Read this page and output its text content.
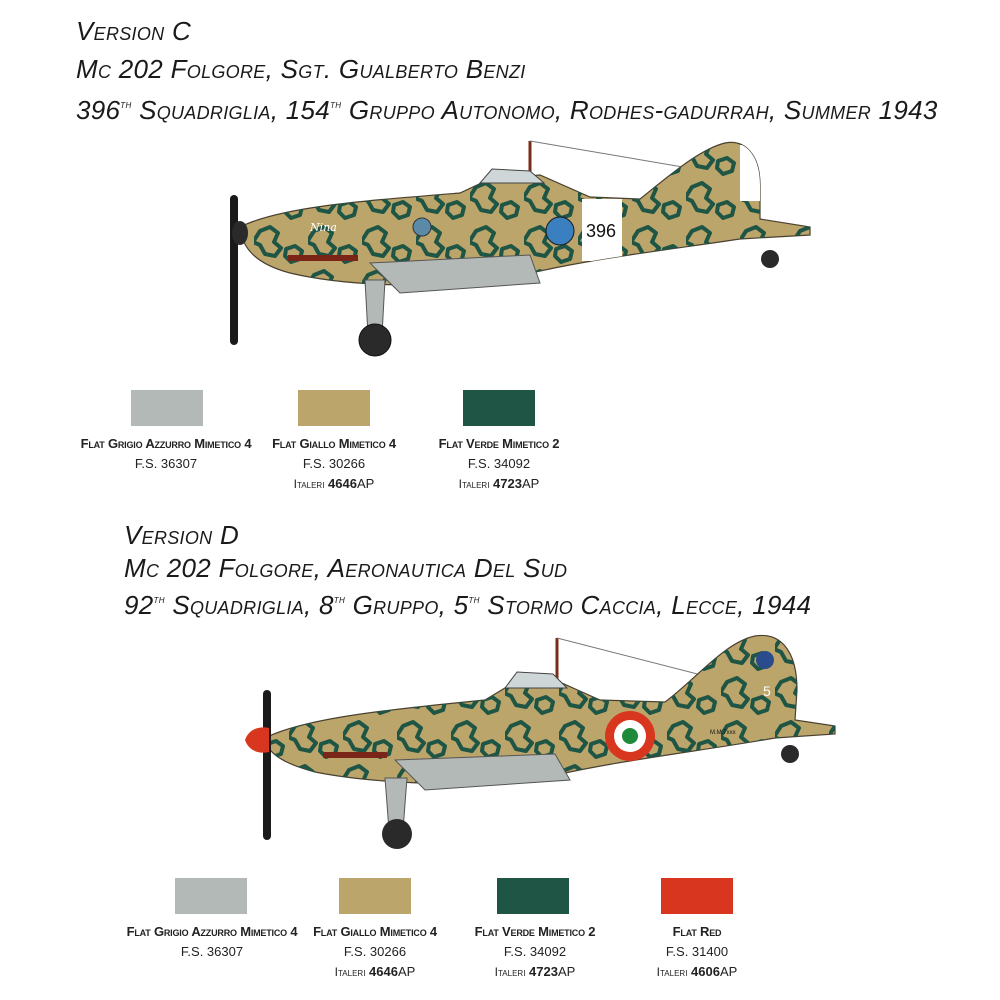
Version C
Mc 202 Folgore, Sgt. Gualberto Benzi
396th Squadriglia, 154th Gruppo Autonomo, Rodhes-gadurrah, Summer 1943
Nina	396
Flat Grigio Azzurro Mimetico 4
F.S. 36307
Flat Giallo Mimetico 4
F.S. 30266
Italeri 4646AP
Flat Verde Mimetico 2
F.S. 34092
Italeri 4723AP
Version D
Mc 202 Folgore, Aeronautica Del Sud
92th Squadriglia, 8th Gruppo, 5th Stormo Caccia, Lecce, 1944
5
M.M.7xxx
Flat Grigio Azzurro Mimetico 4
F.S. 36307
Flat Giallo Mimetico 4
F.S. 30266
Italeri 4646AP
Flat Verde Mimetico 2
F.S. 34092
Italeri 4723AP
Flat Red
F.S. 31400
Italeri 4606AP
